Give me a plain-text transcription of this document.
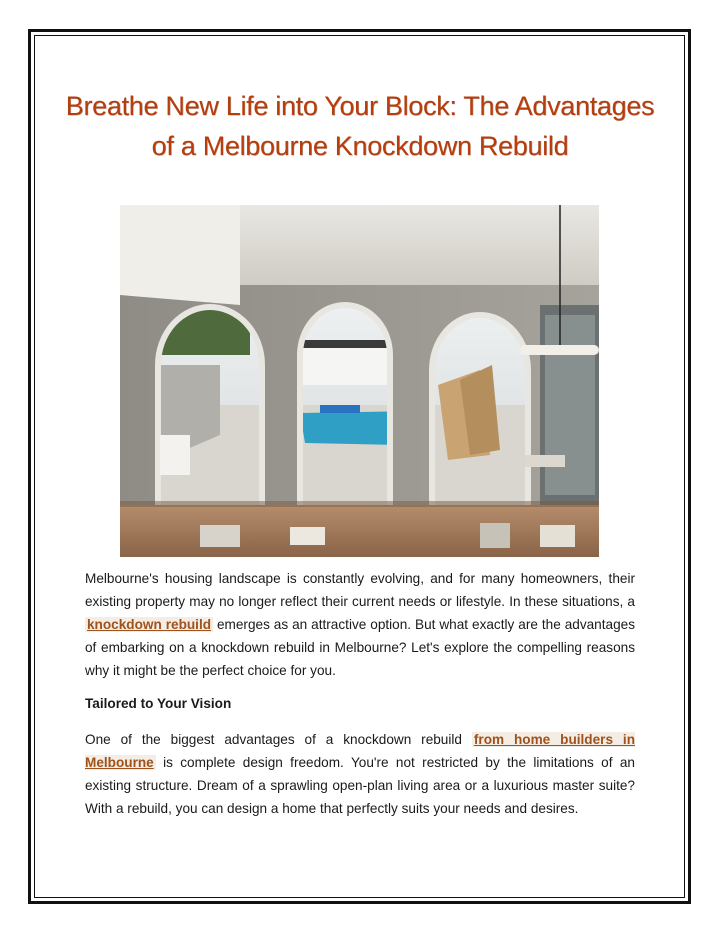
Breathe New Life into Your Block: The Advantages of a Melbourne Knockdown Rebuild

Melbourne's housing landscape is constantly evolving, and for many homeowners, their existing property may no longer reflect their current needs or lifestyle. In these situations, a knockdown rebuild emerges as an attractive option. But what exactly are the advantages of embarking on a knockdown rebuild in Melbourne? Let's explore the compelling reasons why it might be the perfect choice for you.

Tailored to Your Vision

One of the biggest advantages of a knockdown rebuild from home builders in Melbourne is complete design freedom. You're not restricted by the limitations of an existing structure. Dream of a sprawling open-plan living area or a luxurious master suite? With a rebuild, you can design a home that perfectly suits your needs and desires.
